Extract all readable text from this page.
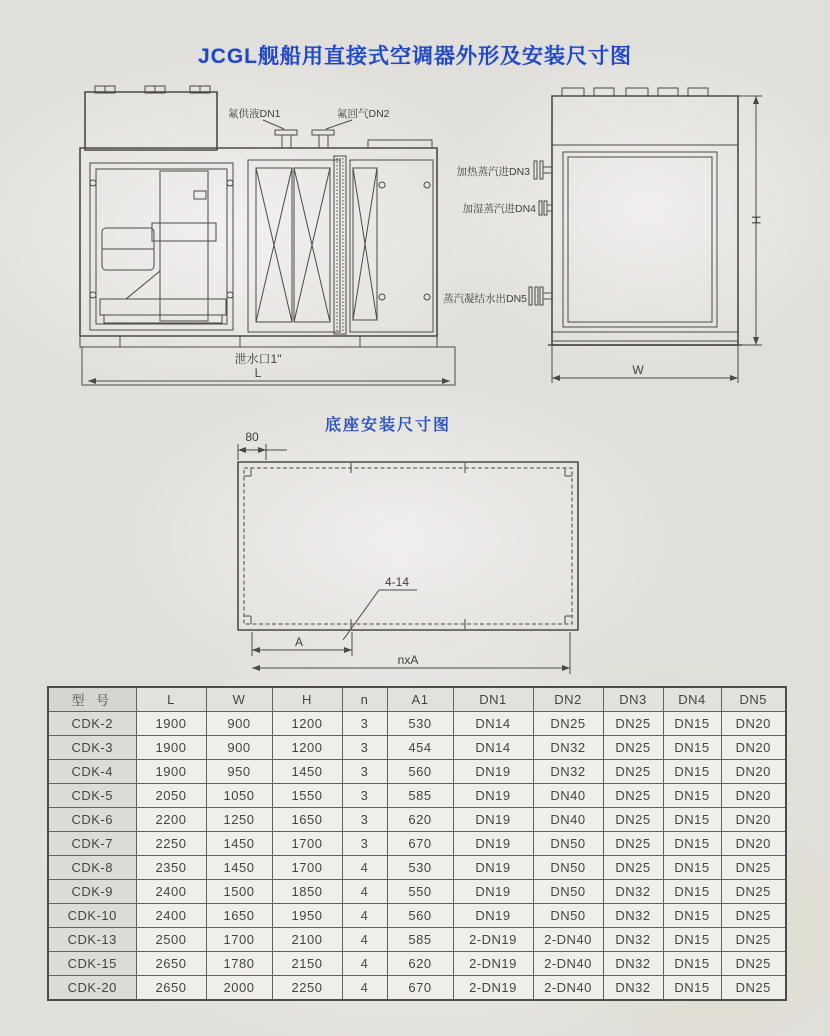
JCGL舰船用直接式空调器外形及安装尺寸图
氟供液DN1	氟回气DN2
泄水口1"
L
加热蒸汽进DN3
加湿蒸汽进DN4
蒸汽凝结水出DN5
H
W
底座安装尺寸图
80
4-14
A
nxA
型 号	L	W	H	n	A1	DN1	DN2	DN3	DN4	DN5
CDK-2	1900	900	1200	3	530	DN14	DN25	DN25	DN15	DN20
CDK-3	1900	900	1200	3	454	DN14	DN32	DN25	DN15	DN20
CDK-4	1900	950	1450	3	560	DN19	DN32	DN25	DN15	DN20
CDK-5	2050	1050	1550	3	585	DN19	DN40	DN25	DN15	DN20
CDK-6	2200	1250	1650	3	620	DN19	DN40	DN25	DN15	DN20
CDK-7	2250	1450	1700	3	670	DN19	DN50	DN25	DN15	DN20
CDK-8	2350	1450	1700	4	530	DN19	DN50	DN25	DN15	DN25
CDK-9	2400	1500	1850	4	550	DN19	DN50	DN32	DN15	DN25
CDK-10	2400	1650	1950	4	560	DN19	DN50	DN32	DN15	DN25
CDK-13	2500	1700	2100	4	585	2-DN19	2-DN40	DN32	DN15	DN25
CDK-15	2650	1780	2150	4	620	2-DN19	2-DN40	DN32	DN15	DN25
CDK-20	2650	2000	2250	4	670	2-DN19	2-DN40	DN32	DN15	DN25
